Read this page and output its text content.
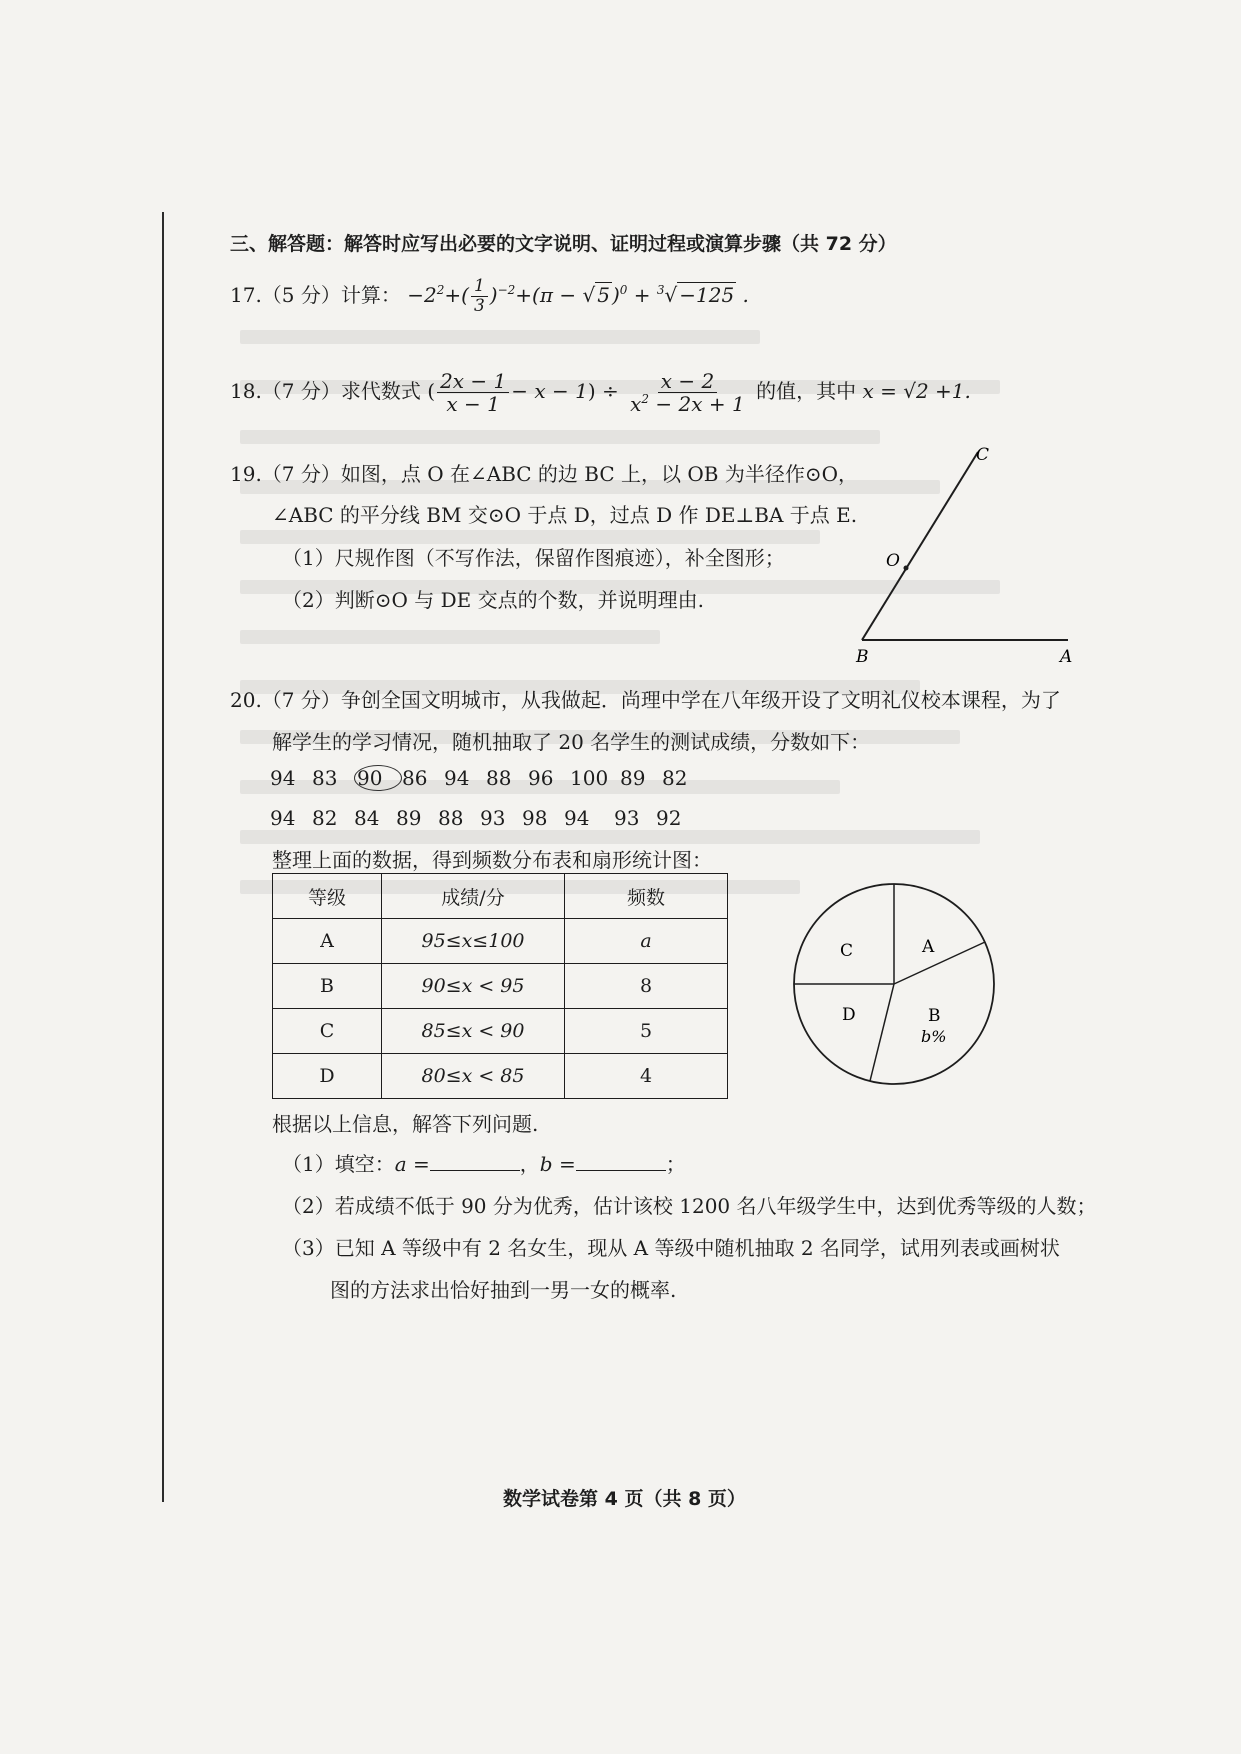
三、解答题：解答时应写出必要的文字说明、证明过程或演算步骤（共 72 分）
17.（5 分）计算： $-2^2+( \frac{1}{3} )^{-2}+(\pi$ − √ 5 )$^0$ + $^3$√ −125 .
18.（7 分）求代数式 ( $\frac{2x - 1}{x - 1} - x - 1) \div \frac{x - 2}{x^2 - 2x + 1}$ 的值，其中 x = √2 +1.
19.（7 分）如图，点 O 在∠ABC 的边 BC 上，以 OB 为半径作⊙O，
∠ABC 的平分线 BM 交⊙O 于点 D，过点 D 作 DE⊥BA 于点 E.
（1）尺规作图（不写作法，保留作图痕迹），补全图形；
（2）判断⊙O 与 DE 交点的个数，并说明理由.
C
O
B	A
20.（7 分）争创全国文明城市，从我做起．尚理中学在八年级开设了文明礼仪校本课程，为了
解学生的学习情况，随机抽取了 20 名学生的测试成绩，分数如下：
94 83 90 86 94 88 96 100 89 82
94 82 84 89 88 93 98 94 93 92
整理上面的数据，得到频数分布表和扇形统计图：
等级	成绩/分	频数
A	95≤x≤100	a
B	90≤x < 95	8
C	85≤x < 90	5
D	80≤x < 85	4
A
B
b%
C
D
根据以上信息，解答下列问题.
（1）填空：a =	，b =	；
（2）若成绩不低于 90 分为优秀，估计该校 1200 名八年级学生中，达到优秀等级的人数；
（3）已知 A 等级中有 2 名女生，现从 A 等级中随机抽取 2 名同学，试用列表或画树状
图的方法求出恰好抽到一男一女的概率.
数学试卷第 4 页（共 8 页）
